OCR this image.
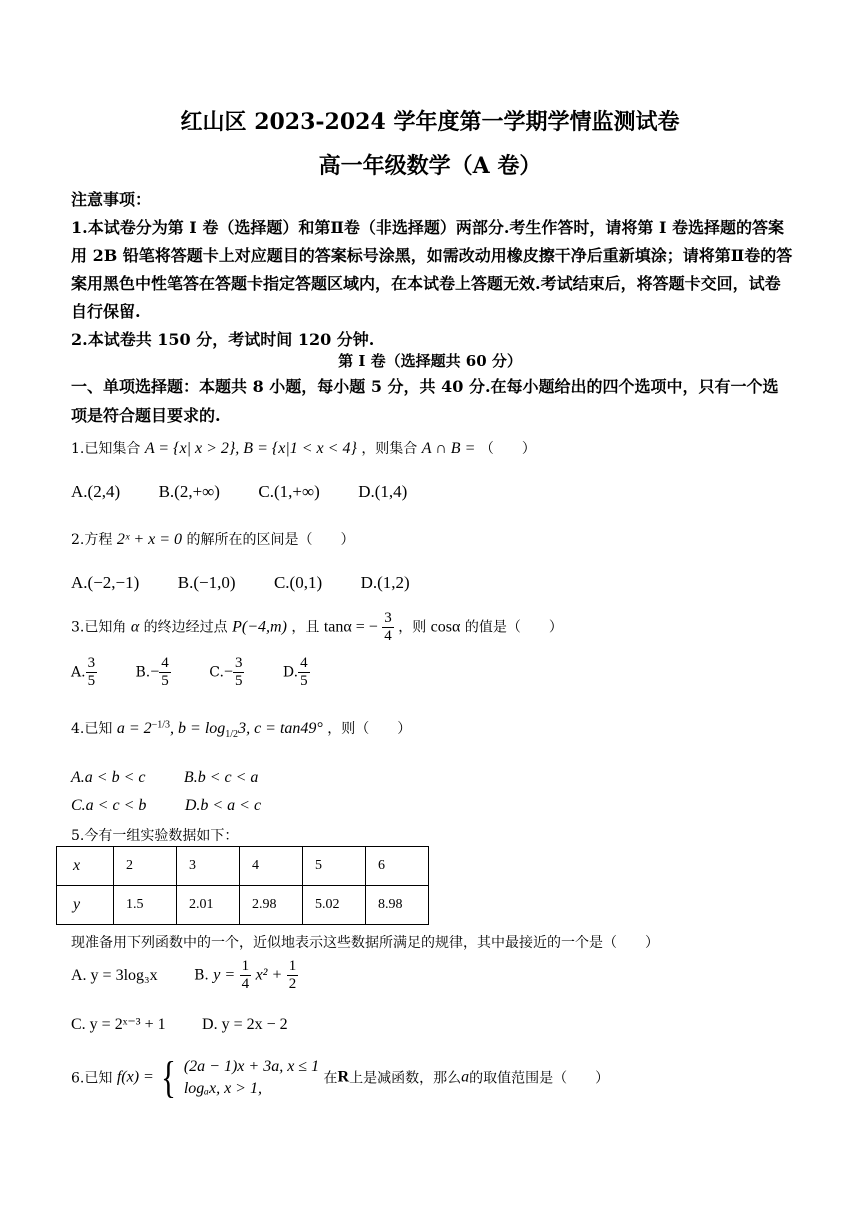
红山区 2023-2024 学年度第一学期学情监测试卷
高一年级数学（A 卷）

注意事项：

1.本试卷分为第 I 卷（选择题）和第Ⅱ卷（非选择题）两部分.考生作答时，请将第 I 卷选择题的答案用 2B 铅笔将答题卡上对应题目的答案标号涂黑，如需改动用橡皮擦干净后重新填涂；请将第Ⅱ卷的答案用黑色中性笔答在答题卡指定答题区域内，在本试卷上答题无效.考试结束后，将答题卡交回，试卷自行保留.

2.本试卷共 150 分，考试时间 120 分钟.

第 I 卷（选择题共 60 分）
一、单项选择题：本题共 8 小题，每小题 5 分，共 40 分.在每小题给出的四个选项中，只有一个选项是符合题目要求的.
1.已知集合 A = {x| x > 2}, B = {x|1 < x < 4} ，则集合 A ∩ B = （　　）
A.(2,4) B.(2,+∞) C.(1,+∞) D.(1,4)
2.方程 2ˣ + x = 0 的解所在的区间是（　　）
A.(−2,−1) B.(−1,0) C.(0,1) D.(1,2)
3.已知角 α 的终边经过点 P(−4,m) ，且 tanα = − $\frac{3}{4}$ ，则 cosα 的值是（　　）
A. $\frac{3}{5}$	$B.- \frac{4}{5}$	$C.- \frac{3}{5}$	D. $\frac{4}{5}$
4.已知 $a = 2^{-1/3}$, $b = \log_{1/2}3$, c = tan49° ，则（　　）
A.a < b < c B.b < c < a
C.a < c < b D.b < a < c
5.今有一组实验数据如下：
x	2	3	4	5	6
y	1.5	2.01	2.98	5.02	8.98
现准备用下列函数中的一个，近似地表示这些数据所满足的规律，其中最接近的一个是（　　）
A. y = 3log₃x	B. $y = \frac{1}{4} x^2 + \frac{1}{2}$
C. y = 2ˣ⁻³ + 1 D. y = 2x − 2
6.已知 f(x) = { (2a − 1)x + 3a, x ≤ 1
logₐx, x > 1,
在R上是减函数，那么a的取值范围是（　　）
